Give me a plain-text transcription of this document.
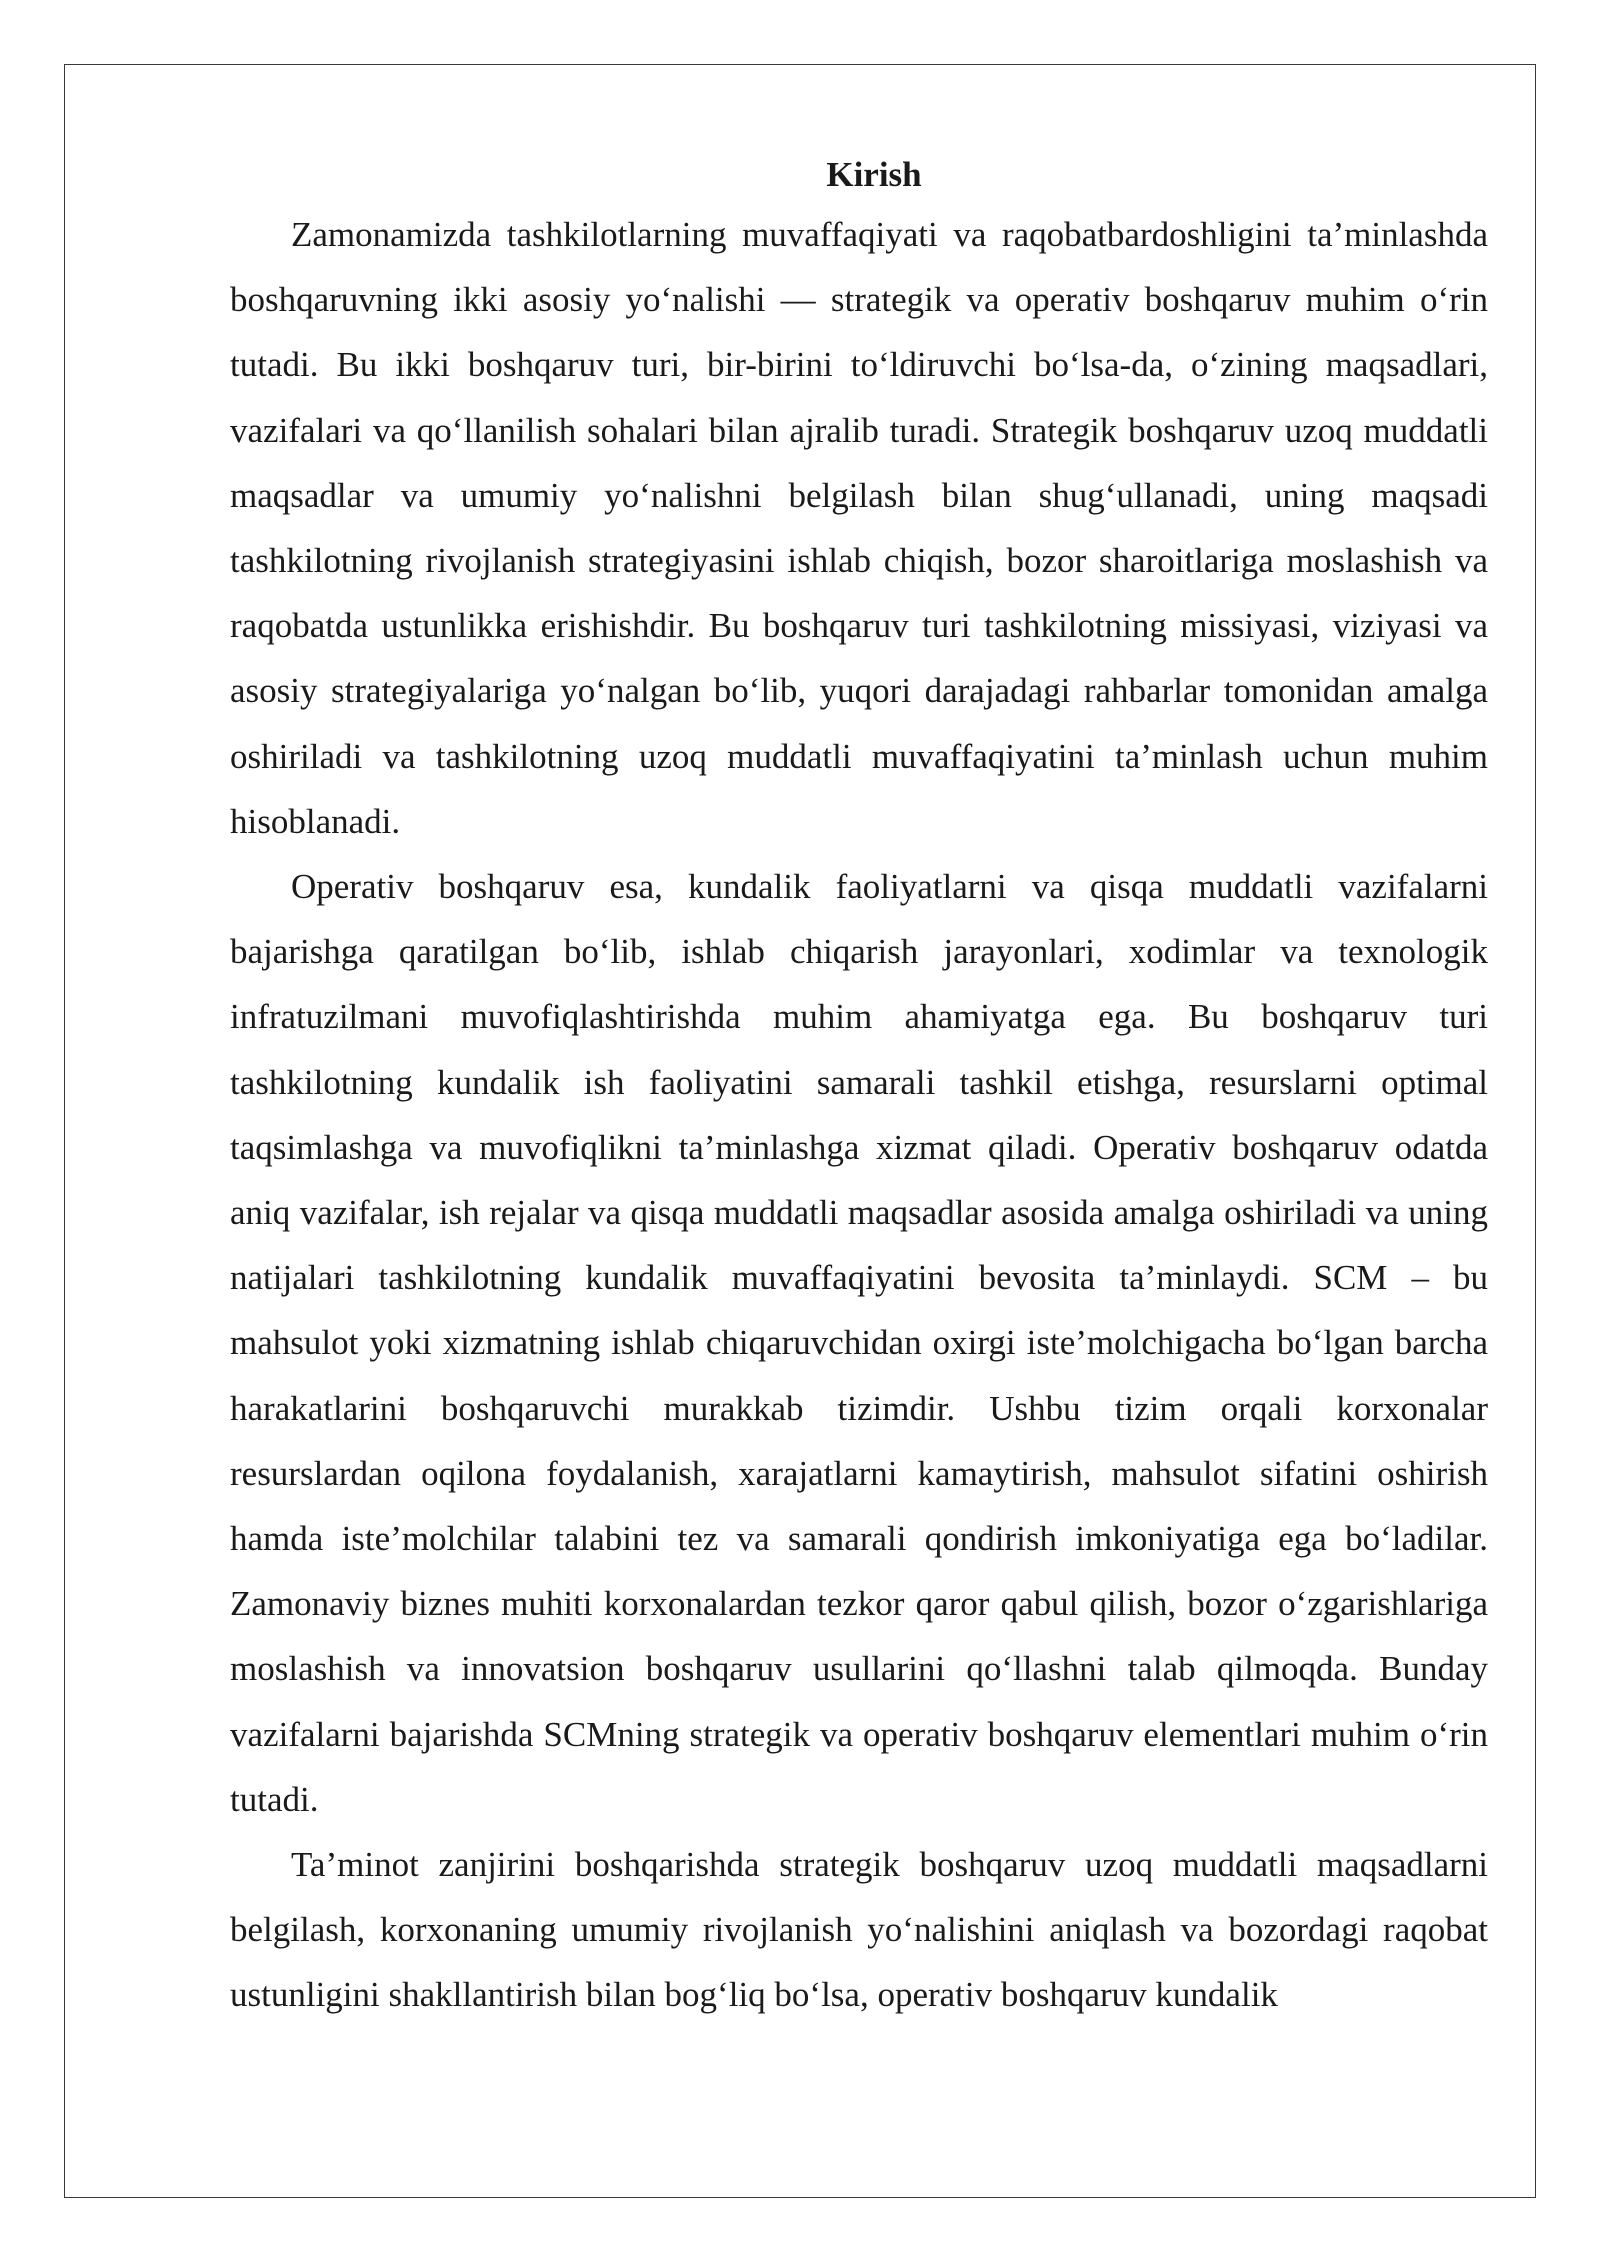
Kirish

Zamonamizda tashkilotlarning muvaffaqiyati va raqobatbardoshligini ta’minlashda boshqaruvning ikki asosiy yo‘nalishi — strategik va operativ boshqaruv muhim o‘rin tutadi. Bu ikki boshqaruv turi, bir-birini to‘ldiruvchi bo‘lsa-da, o‘zining maqsadlari, vazifalari va qo‘llanilish sohalari bilan ajralib turadi. Strategik boshqaruv uzoq muddatli maqsadlar va umumiy yo‘nalishni belgilash bilan shug‘ullanadi, uning maqsadi tashkilotning rivojlanish strategiyasini ishlab chiqish, bozor sharoitlariga moslashish va raqobatda ustunlikka erishishdir. Bu boshqaruv turi tashkilotning missiyasi, viziyasi va asosiy strategiyalariga yo‘nalgan bo‘lib, yuqori darajadagi rahbarlar tomonidan amalga oshiriladi va tashkilotning uzoq muddatli muvaffaqiyatini ta’minlash uchun muhim hisoblanadi.

Operativ boshqaruv esa, kundalik faoliyatlarni va qisqa muddatli vazifalarni bajarishga qaratilgan bo‘lib, ishlab chiqarish jarayonlari, xodimlar va texnologik infratuzilmani muvofiqlashtirishda muhim ahamiyatga ega. Bu boshqaruv turi tashkilotning kundalik ish faoliyatini samarali tashkil etishga, resurslarni optimal taqsimlashga va muvofiqlikni ta’minlashga xizmat qiladi. Operativ boshqaruv odatda aniq vazifalar, ish rejalar va qisqa muddatli maqsadlar asosida amalga oshiriladi va uning natijalari tashkilotning kundalik muvaffaqiyatini bevosita ta’minlaydi. SCM – bu mahsulot yoki xizmatning ishlab chiqaruvchidan oxirgi iste’molchigacha bo‘lgan barcha harakatlarini boshqaruvchi murakkab tizimdir. Ushbu tizim orqali korxonalar resurslardan oqilona foydalanish, xarajatlarni kamaytirish, mahsulot sifatini oshirish hamda iste’molchilar talabini tez va samarali qondirish imkoniyatiga ega bo‘ladilar. Zamonaviy biznes muhiti korxonalardan tezkor qaror qabul qilish, bozor o‘zgarishlariga moslashish va innovatsion boshqaruv usullarini qo‘llashni talab qilmoqda. Bunday vazifalarni bajarishda SCMning strategik va operativ boshqaruv elementlari muhim o‘rin tutadi.

Ta’minot zanjirini boshqarishda strategik boshqaruv uzoq muddatli maqsadlarni belgilash, korxonaning umumiy rivojlanish yo‘nalishini aniqlash va bozordagi raqobat ustunligini shakllantirish bilan bog‘liq bo‘lsa, operativ boshqaruv kundalik
